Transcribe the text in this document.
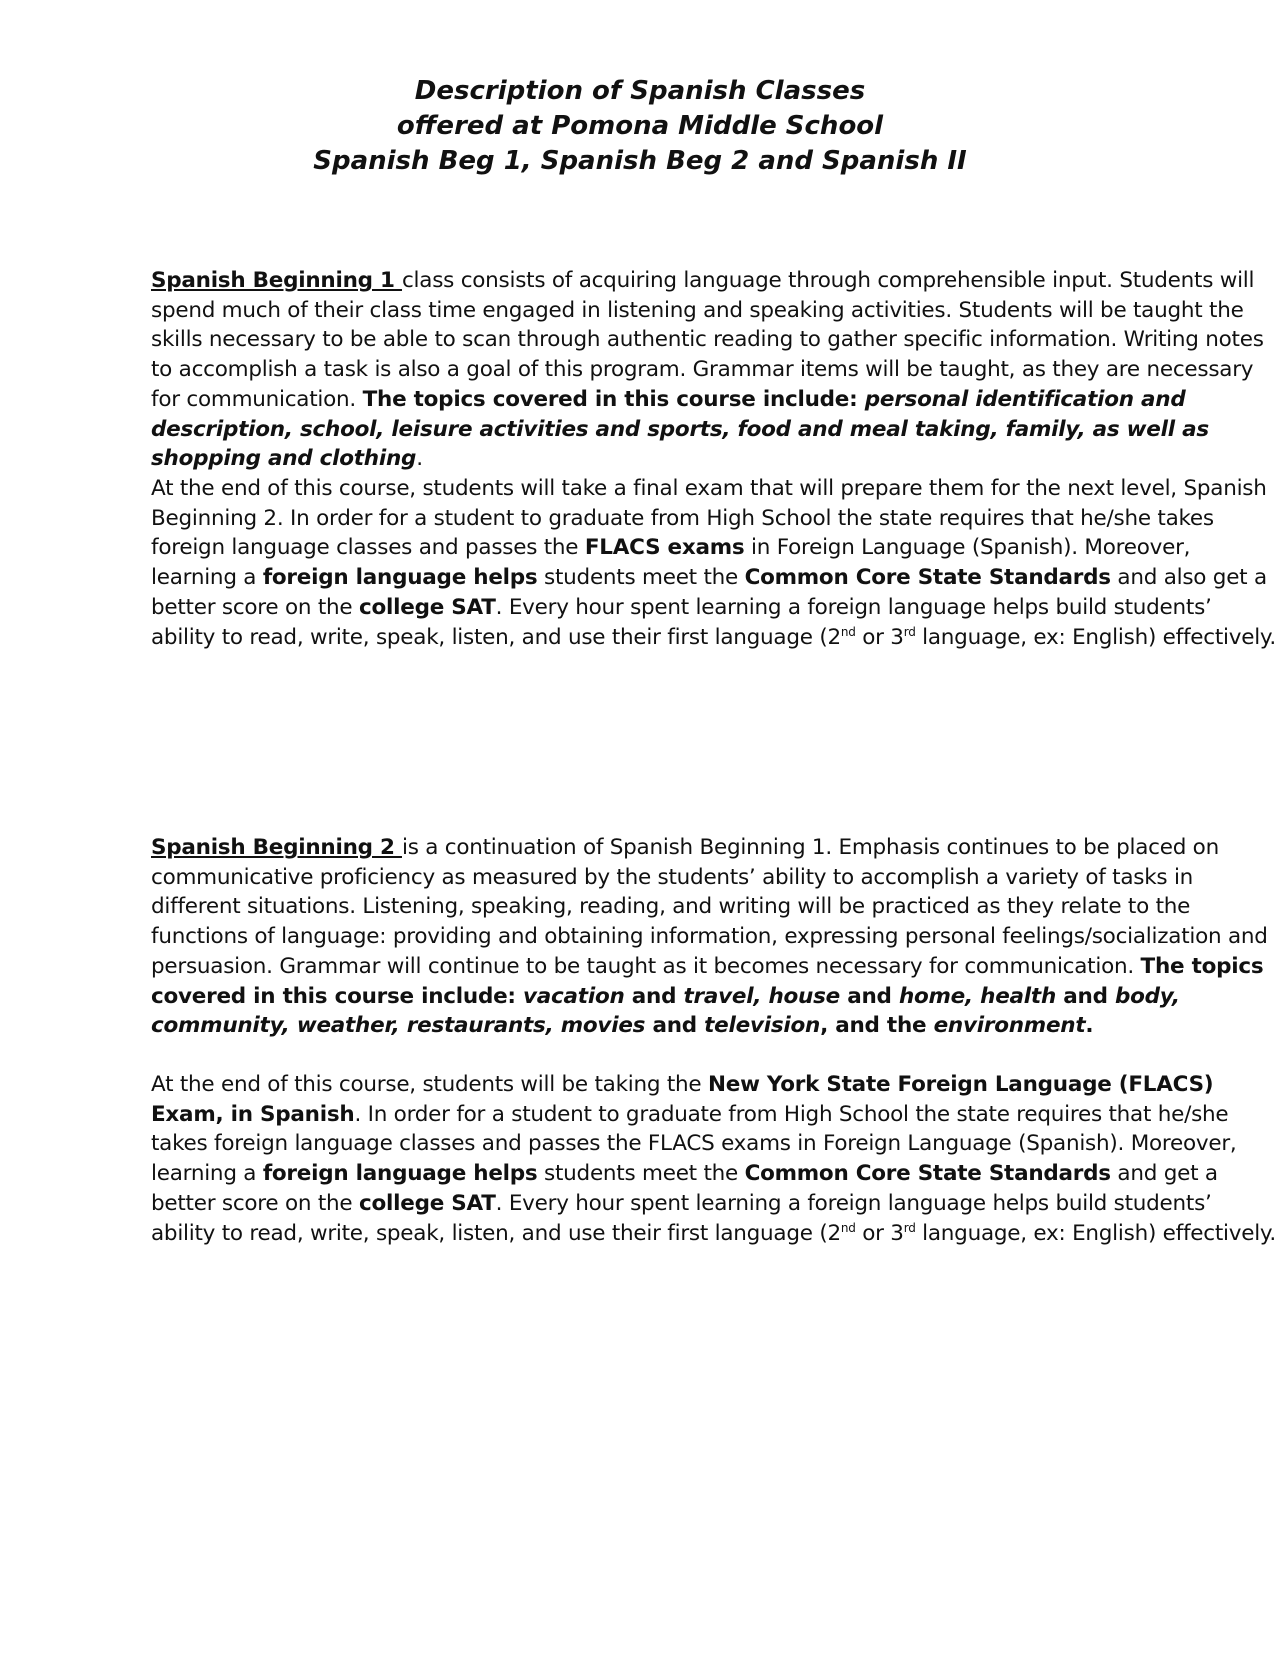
Description of Spanish Classes
offered at Pomona Middle School
Spanish Beg 1, Spanish Beg 2 and Spanish II

Spanish Beginning 1 class consists of acquiring language through comprehensible input. Students will spend much of their class time engaged in listening and speaking activities. Students will be taught the skills necessary to be able to scan through authentic reading to gather specific information. Writing notes to accomplish a task is also a goal of this program. Grammar items will be taught, as they are necessary for communication. The topics covered in this course include: personal identification and description, school, leisure activities and sports, food and meal taking, family, as well as shopping and clothing.

At the end of this course, students will take a final exam that will prepare them for the next level, Spanish Beginning 2. In order for a student to graduate from High School the state requires that he/she takes foreign language classes and passes the FLACS exams in Foreign Language (Spanish). Moreover, learning a foreign language helps students meet the Common Core State Standards and also get a better score on the college SAT. Every hour spent learning a foreign language helps build students’ ability to read, write, speak, listen, and use their first language (2nd or 3rd language, ex: English) effectively.

Spanish Beginning 2 is a continuation of Spanish Beginning 1. Emphasis continues to be placed on communicative proficiency as measured by the students’ ability to accomplish a variety of tasks in different situations. Listening, speaking, reading, and writing will be practiced as they relate to the functions of language: providing and obtaining information, expressing personal feelings/socialization and persuasion. Grammar will continue to be taught as it becomes necessary for communication. The topics covered in this course include: vacation and travel, house and home, health and body, community, weather, restaurants, movies and television, and the environment.

At the end of this course, students will be taking the New York State Foreign Language (FLACS) Exam, in Spanish. In order for a student to graduate from High School the state requires that he/she takes foreign language classes and passes the FLACS exams in Foreign Language (Spanish). Moreover, learning a foreign language helps students meet the Common Core State Standards and get a better score on the college SAT. Every hour spent learning a foreign language helps build students’ ability to read, write, speak, listen, and use their first language (2nd or 3rd language, ex: English) effectively.
